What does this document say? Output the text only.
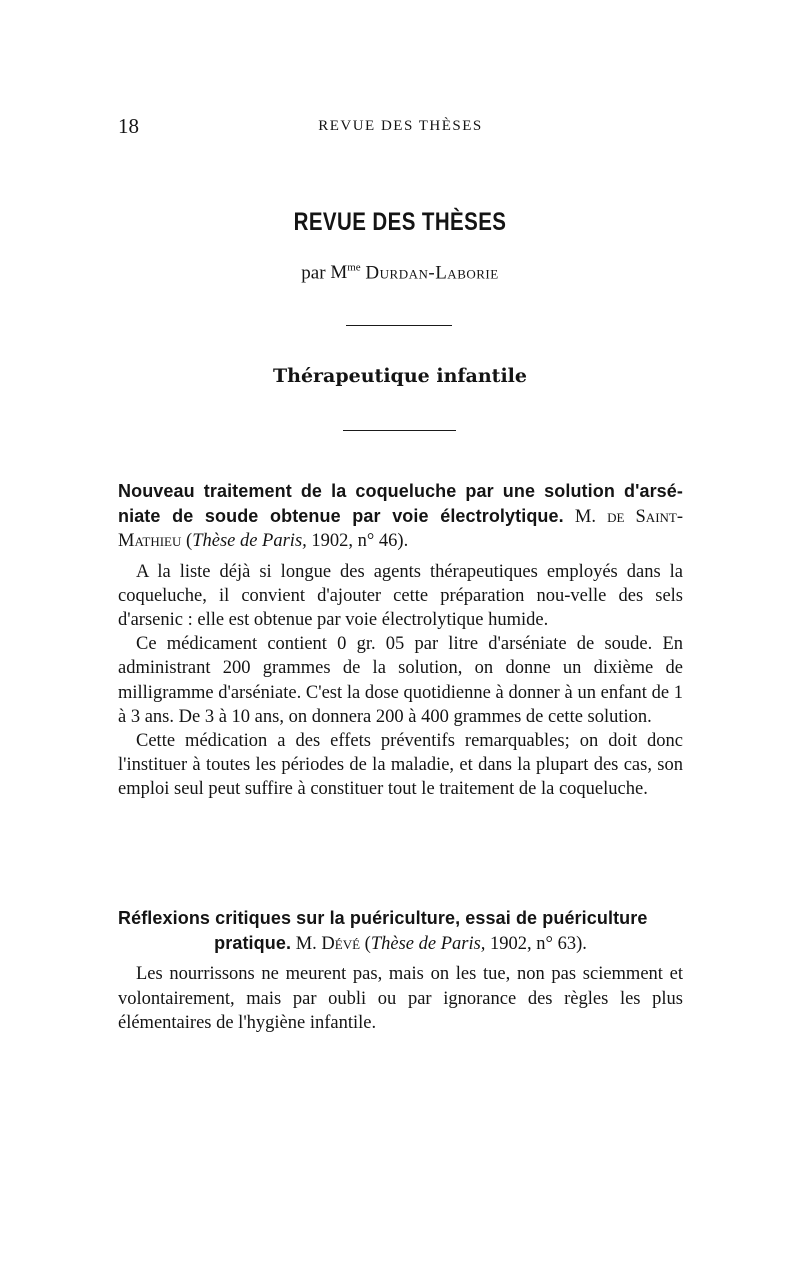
18	REVUE DES THÈSES
REVUE DES THÈSES
par $M^{me}$ Durdan-Laborie
Thérapeutique infantile

Nouveau traitement de la coqueluche par une solution d'arsé-niate de soude obtenue par voie électrolytique. M. de Saint-Mathieu (Thèse de Paris, 1902, n° 46).

A la liste déjà si longue des agents thérapeutiques employés dans la coqueluche, il convient d'ajouter cette préparation nou-velle des sels d'arsenic : elle est obtenue par voie électrolytique humide.

Ce médicament contient 0 gr. 05 par litre d'arséniate de soude. En administrant 200 grammes de la solution, on donne un dixième de milligramme d'arséniate. C'est la dose quotidienne à donner à un enfant de 1 à 3 ans. De 3 à 10 ans, on donnera 200 à 400 grammes de cette solution.

Cette médication a des effets préventifs remarquables; on doit donc l'instituer à toutes les périodes de la maladie, et dans la plupart des cas, son emploi seul peut suffire à constituer tout le traitement de la coqueluche.

Réflexions critiques sur la puériculture, essai de puériculture

pratique. M. Dévé (Thèse de Paris, 1902, n° 63).

Les nourrissons ne meurent pas, mais on les tue, non pas sciemment et volontairement, mais par oubli ou par ignorance des règles les plus élémentaires de l'hygiène infantile.
